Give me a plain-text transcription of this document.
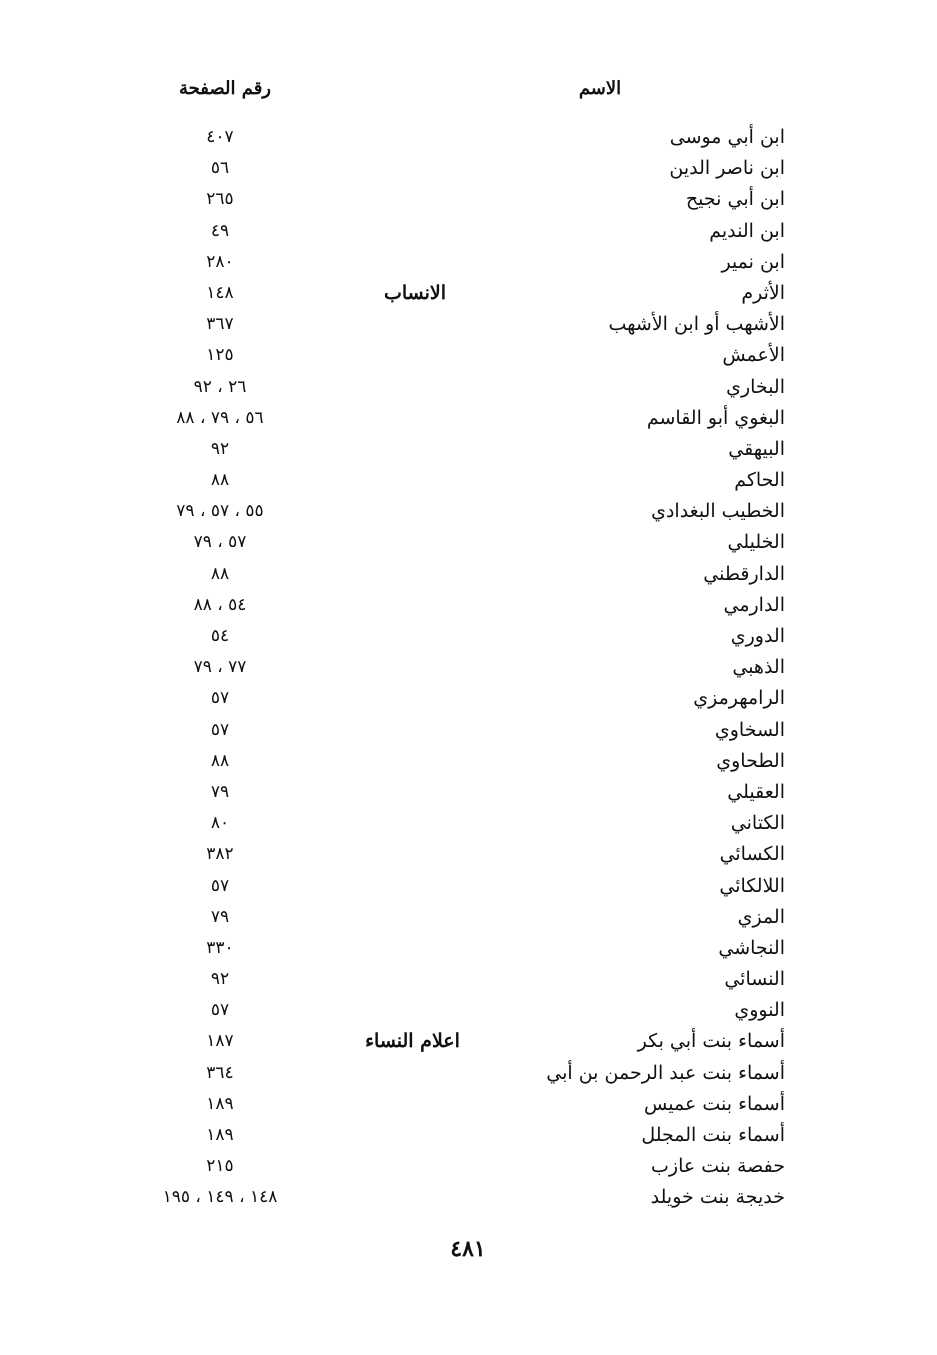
الاسم
رقم الصفحة
ابن أبي موسى
٤٠٧
ابن ناصر الدين
٥٦
ابن أبي نجيح
٢٦٥
ابن النديم
٤٩
ابن نمير
٢٨٠
الأثرم
الانساب
١٤٨
الأشهب أو ابن الأشهب
٣٦٧
الأعمش
١٢٥
البخاري
٢٦ ، ٩٢
البغوي أبو القاسم
٥٦ ، ٧٩ ، ٨٨
البيهقي
٩٢
الحاكم
٨٨
الخطيب البغدادي
٥٥ ، ٥٧ ، ٧٩
الخليلي
٥٧ ، ٧٩
الدارقطني
٨٨
الدارمي
٥٤ ، ٨٨
الدوري
٥٤
الذهبي
٧٧ ، ٧٩
الرامهرمزي
٥٧
السخاوي
٥٧
الطحاوي
٨٨
العقيلي
٧٩
الكتاني
٨٠
الكسائي
٣٨٢
اللالكائي
٥٧
المزي
٧٩
النجاشي
٣٣٠
النسائي
٩٢
النووي
٥٧
أسماء بنت أبي بكر
اعلام النساء
١٨٧
أسماء بنت عبد الرحمن بن أبي
٣٦٤
أسماء بنت عميس
١٨٩
أسماء بنت المجلل
١٨٩
حفصة بنت عازب
٢١٥
خديجة بنت خويلد
١٤٨ ، ١٤٩ ، ١٩٥
٤٨١
